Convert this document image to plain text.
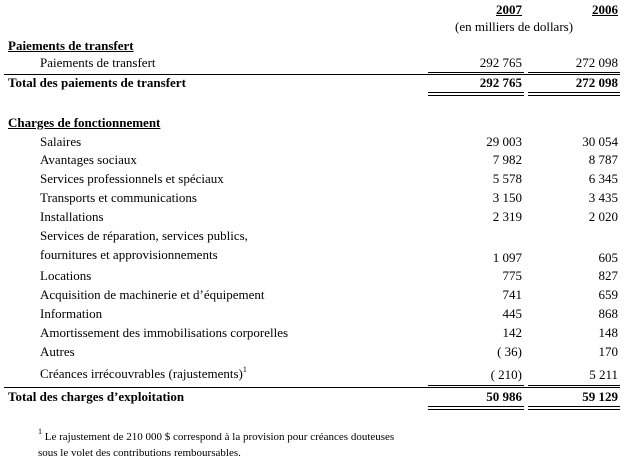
2007	2006
(en milliers de dollars)
Paiements de transfert
Paiements de transfert	292 765	272 098
Total des paiements de transfert	292 765	272 098
Charges de fonctionnement
Salaires	29 003	30 054
Avantages sociaux	7 982	8 787
Services professionnels et spéciaux	5 578	6 345
Transports et communications	3 150	3 435
Installations	2 319	2 020
Services de réparation, services publics,
fournitures et approvisionnements	1 097	605
Locations	775	827
Acquisition de machinerie et d’équipement	741	659
Information	445	868
Amortissement des immobilisations corporelles	142	148
Autres	( 36)	170
Créances irrécouvrables (rajustements)$^1$	( 210)	5 211
Total des charges d’exploitation	50 986	59 129
$^1$ Le rajustement de 210 000 $ correspond à la provision pour créances douteuses
sous le volet des contributions remboursables.
